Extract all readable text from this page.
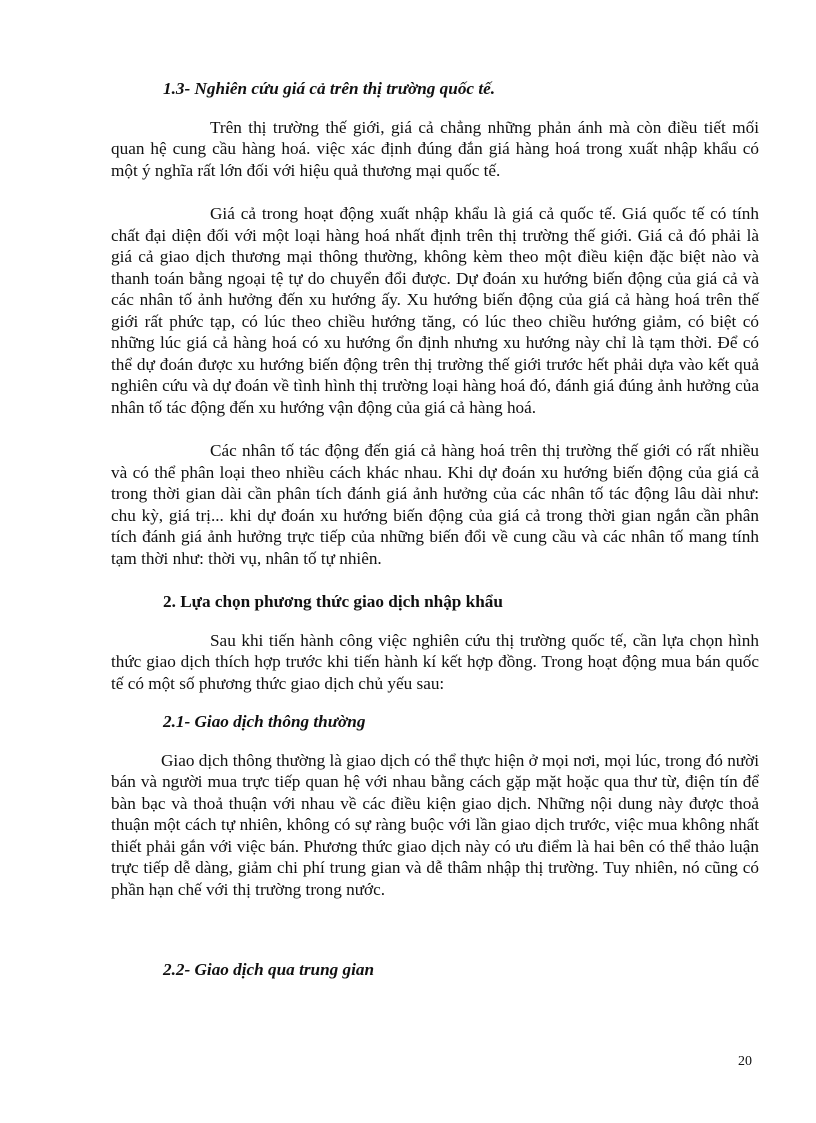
1.3- Nghiên cứu giá cả trên thị trường quốc tế.

Trên thị trường thế giới, giá cả chẳng những phản ánh mà còn điều tiết mối quan hệ cung cầu hàng hoá. việc xác định đúng đắn giá hàng hoá trong xuất nhập khẩu có một ý nghĩa rất lớn đối với hiệu quả thương mại quốc tế.

Giá cả trong hoạt động xuất nhập khẩu là giá cả quốc tế. Giá quốc tế có tính chất đại diện đối với một loại hàng hoá nhất định trên thị trường thế giới. Giá cả đó phải là giá cả giao dịch thương mại thông thường, không kèm theo một điều kiện đặc biệt nào và thanh toán bằng ngoại tệ tự do chuyển đổi được. Dự đoán xu hướng biến động của giá cả và các nhân tố ảnh hưởng đến xu hướng ấy. Xu hướng biến động của giá cả hàng hoá trên thế giới rất phức tạp, có lúc theo chiều hướng tăng, có lúc theo chiều hướng giảm, có biệt có những lúc giá cả hàng hoá có xu hướng ổn định nhưng xu hướng này chỉ là tạm thời. Để có thể dự đoán được xu hướng biến động trên thị trường thế giới trước hết phải dựa vào kết quả nghiên cứu và dự đoán về tình hình thị trường loại hàng hoá đó, đánh giá đúng ảnh hưởng của nhân tố tác động đến xu hướng vận động của giá cả hàng hoá.

Các nhân tố tác động đến giá cả hàng hoá trên thị trường thế giới có rất nhiều và có thể phân loại theo nhiều cách khác nhau. Khi dự đoán xu hướng biến động của giá cả trong thời gian dài cần phân tích đánh giá ảnh hưởng của các nhân tố tác động lâu dài như: chu kỳ, giá trị... khi dự đoán xu hướng biến động của giá cả trong thời gian ngắn cần phân tích đánh giá ảnh hưởng trực tiếp của những biến đổi về cung cầu và các nhân tố mang tính tạm thời như: thời vụ, nhân tố tự nhiên.

2. Lựa chọn phương thức giao dịch nhập khẩu

Sau khi tiến hành công việc nghiên cứu thị trường quốc tế, cần lựa chọn hình thức giao dịch thích hợp trước khi tiến hành kí kết hợp đồng. Trong hoạt động mua bán quốc tế có một số phương thức giao dịch chủ yếu sau:

2.1- Giao dịch thông thường

Giao dịch thông thường là giao dịch có thể thực hiện ở mọi nơi, mọi lúc, trong đó nười bán và người mua trực tiếp quan hệ với nhau bằng cách gặp mặt hoặc qua thư từ, điện tín để bàn bạc và thoả thuận với nhau về các điều kiện giao dịch. Những nội dung này được thoả thuận một cách tự nhiên, không có sự ràng buộc với lần giao dịch trước, việc mua không nhất thiết phải gắn với việc bán. Phương thức giao dịch này có ưu điểm là hai bên có thể thảo luận trực tiếp dễ dàng, giảm chi phí trung gian và dễ thâm nhập thị trường. Tuy nhiên, nó cũng có phần hạn chế với thị trường trong nước.

2.2- Giao dịch qua trung gian

20
